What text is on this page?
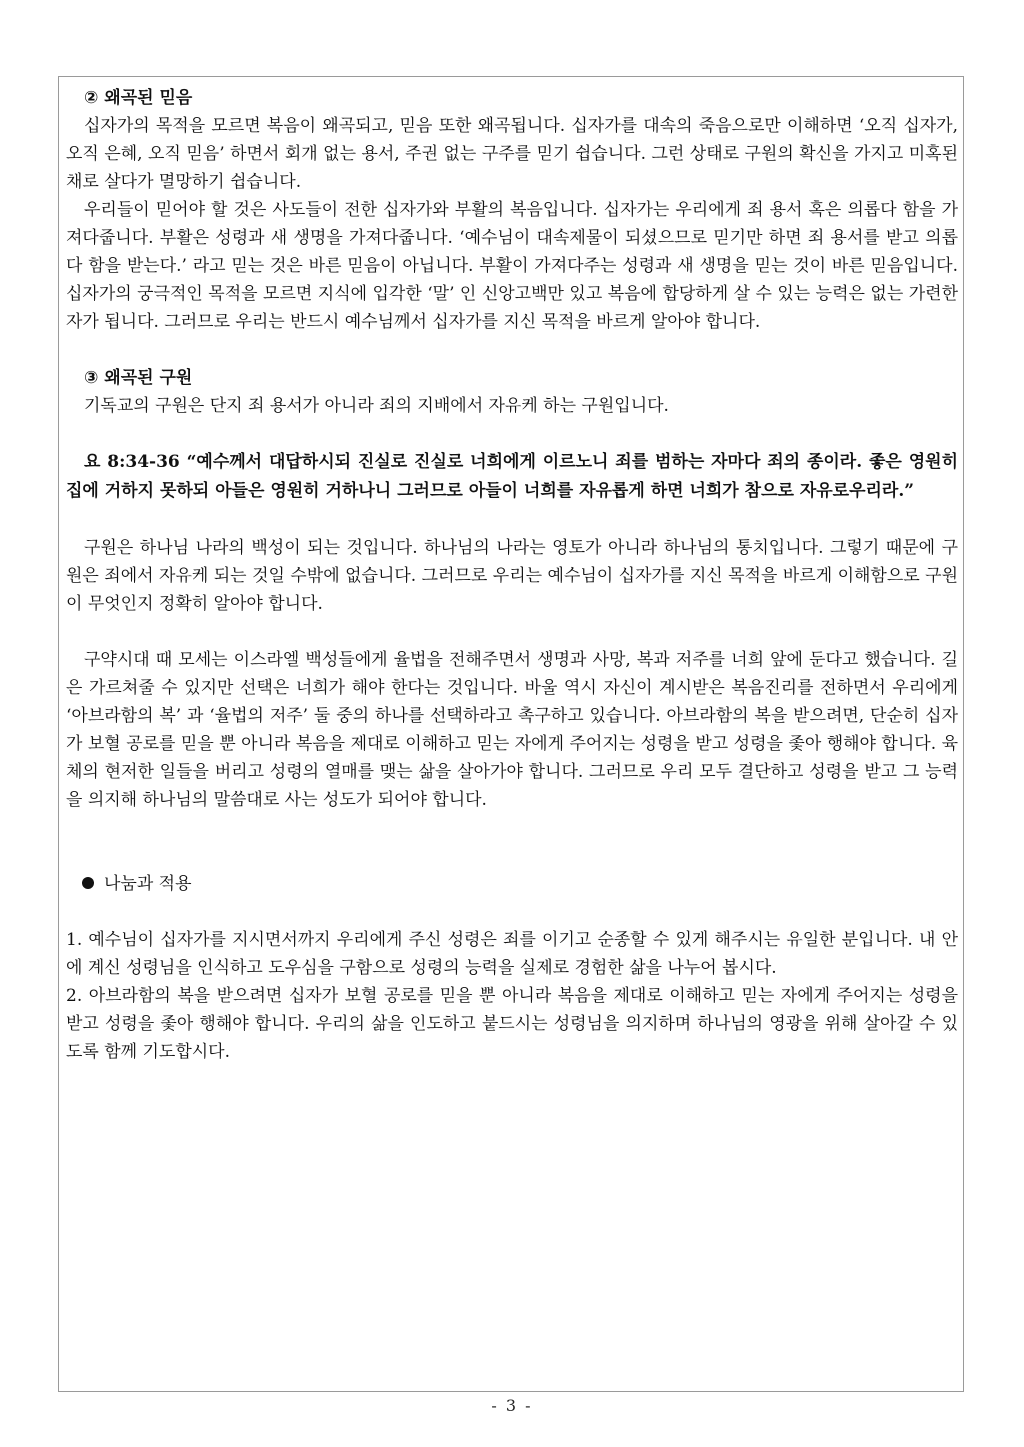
② 왜곡된 믿음

십자가의 목적을 모르면 복음이 왜곡되고, 믿음 또한 왜곡됩니다. 십자가를 대속의 죽음으로만 이해하면 ‘오직 십자가, 오직 은혜, 오직 믿음’ 하면서 회개 없는 용서, 주권 없는 구주를 믿기 쉽습니다. 그런 상태로 구원의 확신을 가지고 미혹된 채로 살다가 멸망하기 쉽습니다.

우리들이 믿어야 할 것은 사도들이 전한 십자가와 부활의 복음입니다. 십자가는 우리에게 죄 용서 혹은 의롭다 함을 가져다줍니다. 부활은 성령과 새 생명을 가져다줍니다. ‘예수님이 대속제물이 되셨으므로 믿기만 하면 죄 용서를 받고 의롭다 함을 받는다.’ 라고 믿는 것은 바른 믿음이 아닙니다. 부활이 가져다주는 성령과 새 생명을 믿는 것이 바른 믿음입니다. 십자가의 궁극적인 목적을 모르면 지식에 입각한 ‘말’ 인 신앙고백만 있고 복음에 합당하게 살 수 있는 능력은 없는 가련한 자가 됩니다. 그러므로 우리는 반드시 예수님께서 십자가를 지신 목적을 바르게 알아야 합니다.

③ 왜곡된 구원

기독교의 구원은 단지 죄 용서가 아니라 죄의 지배에서 자유케 하는 구원입니다.

요 8:34-36 “예수께서 대답하시되 진실로 진실로 너희에게 이르노니 죄를 범하는 자마다 죄의 종이라. 좋은 영원히 집에 거하지 못하되 아들은 영원히 거하나니 그러므로 아들이 너희를 자유롭게 하면 너희가 참으로 자유로우리라.”

구원은 하나님 나라의 백성이 되는 것입니다. 하나님의 나라는 영토가 아니라 하나님의 통치입니다. 그렇기 때문에 구원은 죄에서 자유케 되는 것일 수밖에 없습니다. 그러므로 우리는 예수님이 십자가를 지신 목적을 바르게 이해함으로 구원이 무엇인지 정확히 알아야 합니다.

구약시대 때 모세는 이스라엘 백성들에게 율법을 전해주면서 생명과 사망, 복과 저주를 너희 앞에 둔다고 했습니다. 길은 가르쳐줄 수 있지만 선택은 너희가 해야 한다는 것입니다. 바울 역시 자신이 계시받은 복음진리를 전하면서 우리에게 ‘아브라함의 복’ 과 ‘율법의 저주’ 둘 중의 하나를 선택하라고 촉구하고 있습니다. 아브라함의 복을 받으려면, 단순히 십자가 보혈 공로를 믿을 뿐 아니라 복음을 제대로 이해하고 믿는 자에게 주어지는 성령을 받고 성령을 좇아 행해야 합니다. 육체의 현저한 일들을 버리고 성령의 열매를 맺는 삶을 살아가야 합니다. 그러므로 우리 모두 결단하고 성령을 받고 그 능력을 의지해 하나님의 말씀대로 사는 성도가 되어야 합니다.

나눔과 적용

1. 예수님이 십자가를 지시면서까지 우리에게 주신 성령은 죄를 이기고 순종할 수 있게 해주시는 유일한 분입니다. 내 안에 계신 성령님을 인식하고 도우심을 구함으로 성령의 능력을 실제로 경험한 삶을 나누어 봅시다.

2. 아브라함의 복을 받으려면 십자가 보혈 공로를 믿을 뿐 아니라 복음을 제대로 이해하고 믿는 자에게 주어지는 성령을 받고 성령을 좇아 행해야 합니다. 우리의 삶을 인도하고 붙드시는 성령님을 의지하며 하나님의 영광을 위해 살아갈 수 있도록 함께 기도합시다.

- 3 -
